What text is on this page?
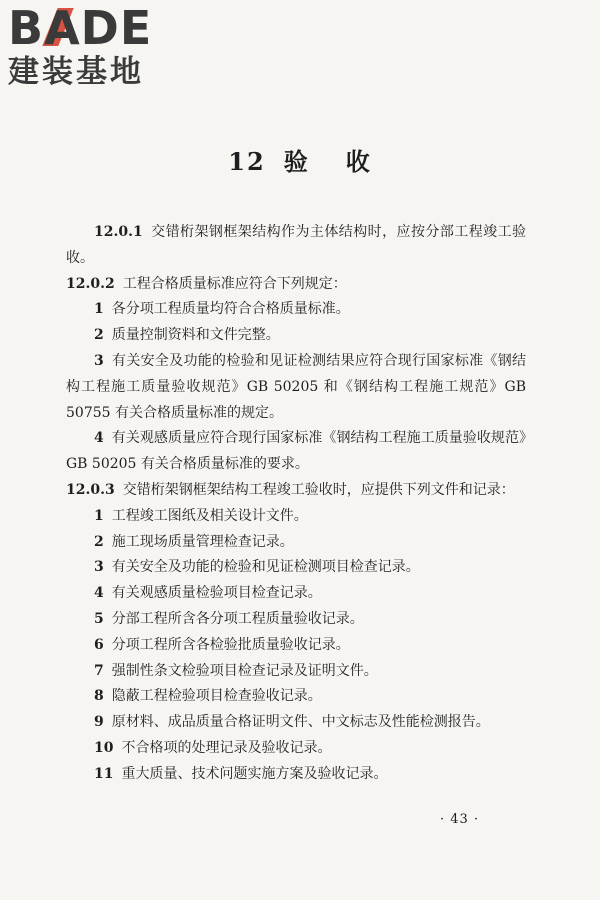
B
ADE
建装基地
12 验 收

12.0.1 交错桁架钢框架结构作为主体结构时，应按分部工程竣工验收。

12.0.2 工程合格质量标准应符合下列规定：

1 各分项工程质量均符合合格质量标准。

2 质量控制资料和文件完整。

3 有关安全及功能的检验和见证检测结果应符合现行国家标准《钢结构工程施工质量验收规范》GB 50205 和《钢结构工程施工规范》GB 50755 有关合格质量标准的规定。

4 有关观感质量应符合现行国家标准《钢结构工程施工质量验收规范》GB 50205 有关合格质量标准的要求。

12.0.3 交错桁架钢框架结构工程竣工验收时，应提供下列文件和记录：

1 工程竣工图纸及相关设计文件。

2 施工现场质量管理检查记录。

3 有关安全及功能的检验和见证检测项目检查记录。

4 有关观感质量检验项目检查记录。

5 分部工程所含各分项工程质量验收记录。

6 分项工程所含各检验批质量验收记录。

7 强制性条文检验项目检查记录及证明文件。

8 隐蔽工程检验项目检查验收记录。

9 原材料、成品质量合格证明文件、中文标志及性能检测报告。

10 不合格项的处理记录及验收记录。

11 重大质量、技术问题实施方案及验收记录。

· 43 ·
